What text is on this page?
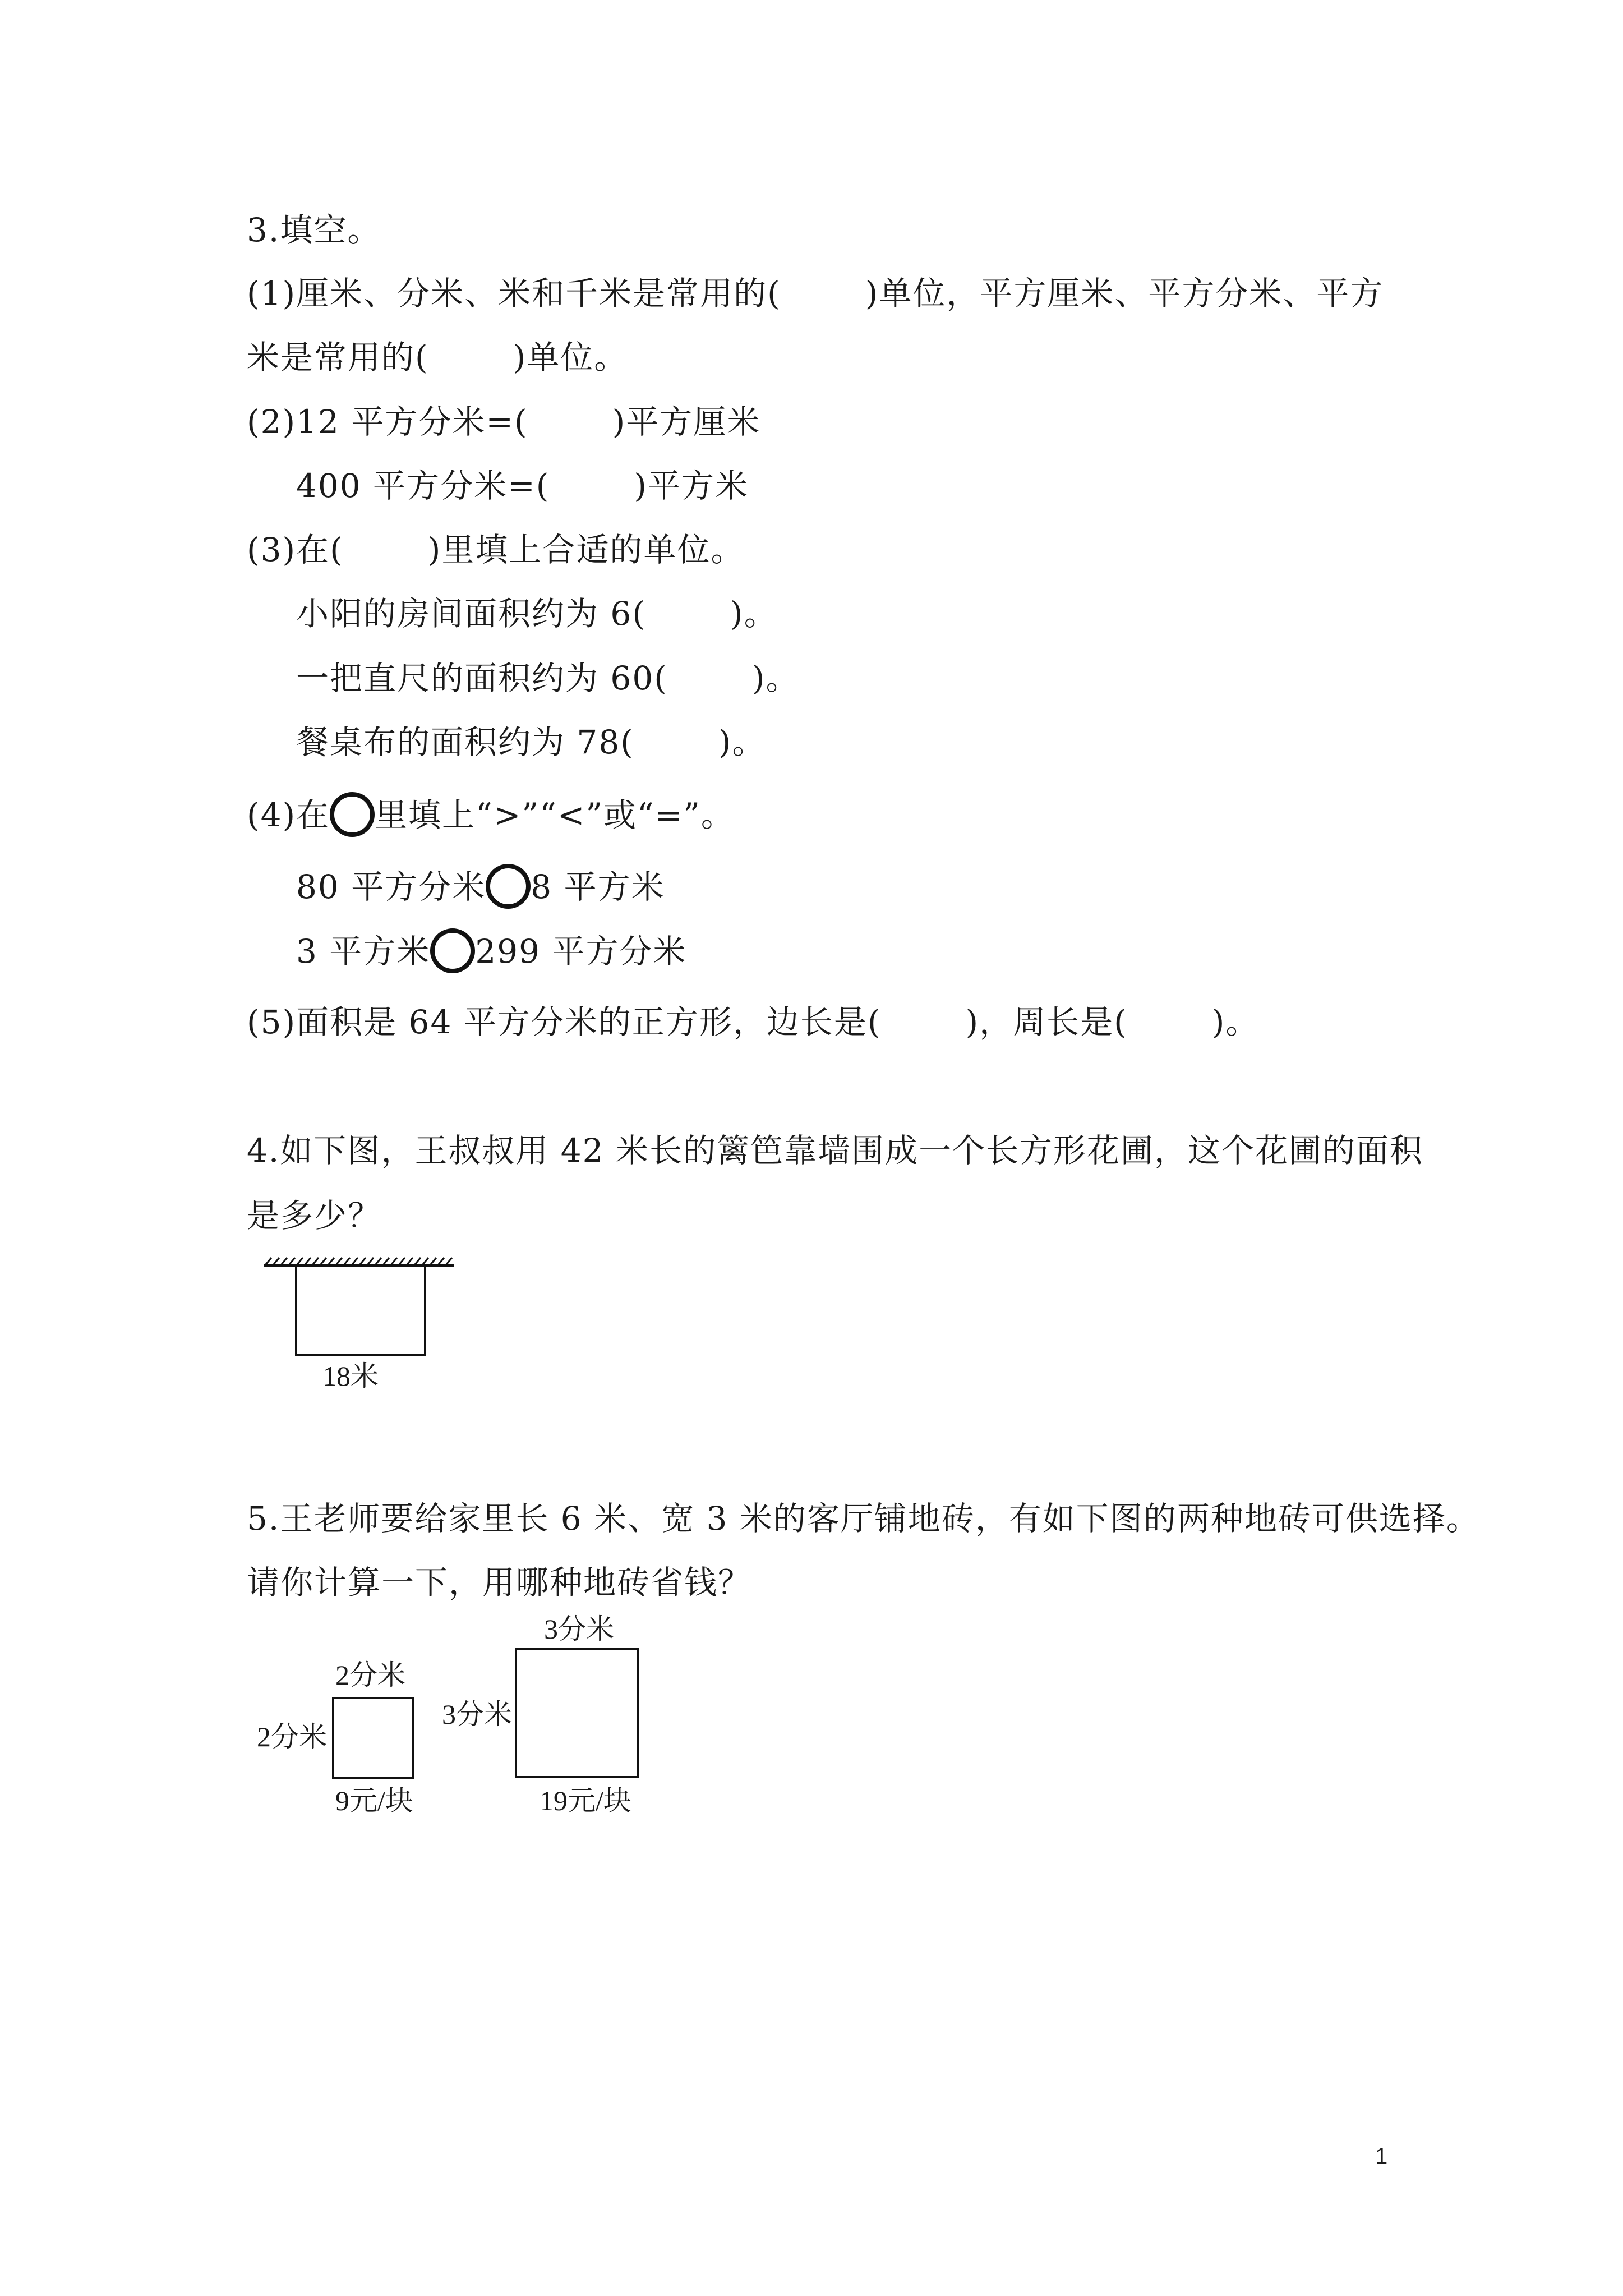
3.填空。
(1)厘米、分米、米和千米是常用的(	)单位，平方厘米、平方分米、平方
米是常用的(	)单位。
(2)12 平方分米=(	)平方厘米
400 平方分米=(	)平方米
(3)在(	)里填上合适的单位。
小阳的房间面积约为 6(	)。
一把直尺的面积约为 60(	)。
餐桌布的面积约为 78(	)。
(4)在 里填上“>”“<”或“=”。
80 平方分米 8 平方米
3 平方米 299 平方分米
(5)面积是 64 平方分米的正方形，边长是(	)，周长是(	)。
4.如下图，王叔叔用 42 米长的篱笆靠墙围成一个长方形花圃，这个花圃的面积
是多少？
18米
5.王老师要给家里长 6 米、宽 3 米的客厅铺地砖，有如下图的两种地砖可供选择。
请你计算一下，用哪种地砖省钱？
2分米
2分米
9元/块
3分米
3分米
19元/块
1
